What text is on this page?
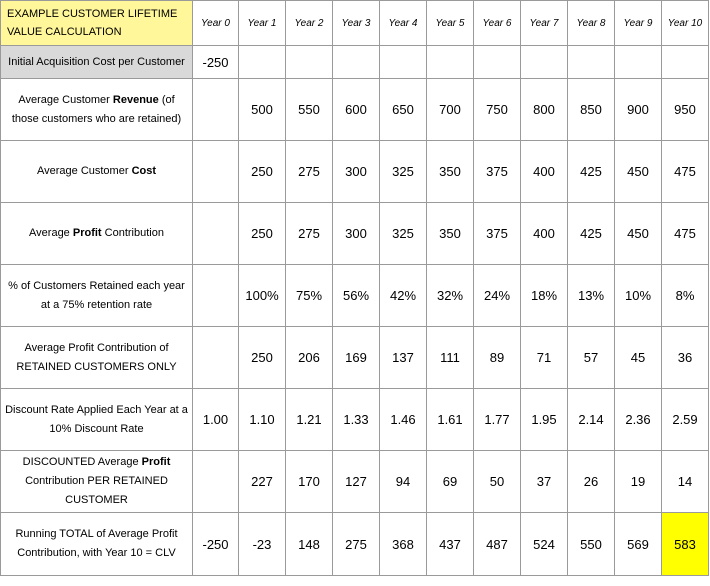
EXAMPLE CUSTOMER LIFETIME VALUE CALCULATION	Year 0	Year 1	Year 2	Year 3	Year 4	Year 5	Year 6	Year 7	Year 8	Year 9	Year 10
Initial Acquisition Cost per Customer	-250										
Average Customer Revenue (of those customers who are retained)		500	550	600	650	700	750	800	850	900	950
Average Customer Cost		250	275	300	325	350	375	400	425	450	475
Average Profit Contribution		250	275	300	325	350	375	400	425	450	475
% of Customers Retained each year at a 75% retention rate		100%	75%	56%	42%	32%	24%	18%	13%	10%	8%
Average Profit Contribution of RETAINED CUSTOMERS ONLY		250	206	169	137	111	89	71	57	45	36
Discount Rate Applied Each Year at a 10% Discount Rate	1.00	1.10	1.21	1.33	1.46	1.61	1.77	1.95	2.14	2.36	2.59
DISCOUNTED Average Profit Contribution PER RETAINED CUSTOMER		227	170	127	94	69	50	37	26	19	14
Running TOTAL of Average Profit Contribution, with Year 10 = CLV	-250	-23	148	275	368	437	487	524	550	569	583
